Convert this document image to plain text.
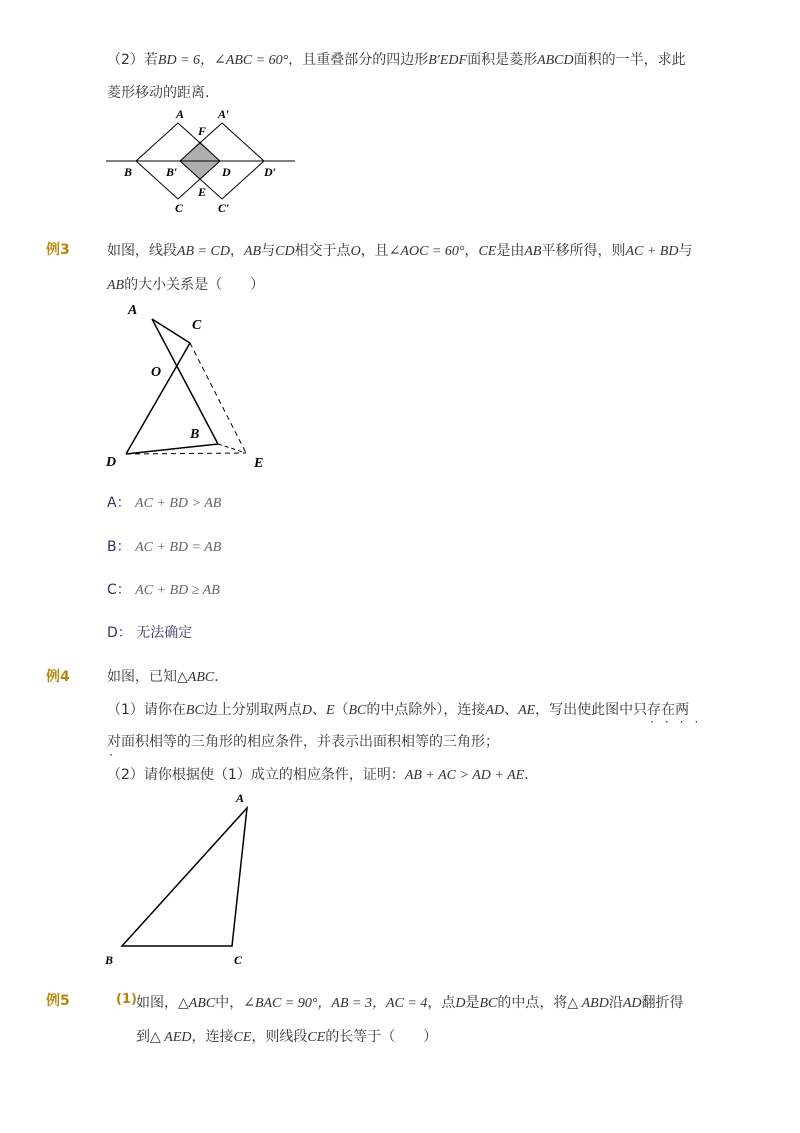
（2）若BD = 6，∠ABC = 60°，且重叠部分的四边形B′EDF面积是菱形ABCD面积的一半，求此
菱形移动的距离．
A	A′
F
B	B′	D	D′
E
C	C′
例3	如图，线段AB = CD，AB与CD相交于点O，且∠AOC = 60°，CE是由AB平移所得，则AC + BD与
AB的大小关系是（　　）
A
C
O
B
D	E
A： AC + BD > AB
B： AC + BD = AB
C： AC + BD ≥ AB
D： 无法确定
例4	如图，已知△ABC．
（1）请你在BC边上分别取两点D、E（BC的中点除外），连接AD、AE，写出使此图中只存在两
····
对面积相等的三角形的相应条件，并表示出面积相等的三角形；
·
（2）请你根据使（1）成立的相应条件，证明：AB + AC > AD + AE．
A
B	C
例5	(1) 如图，△ABC中，∠BAC = 90°，AB = 3，AC = 4，点D是BC的中点，将△ ABD沿AD翻折得
到△ AED，连接CE，则线段CE的长等于（　　）
